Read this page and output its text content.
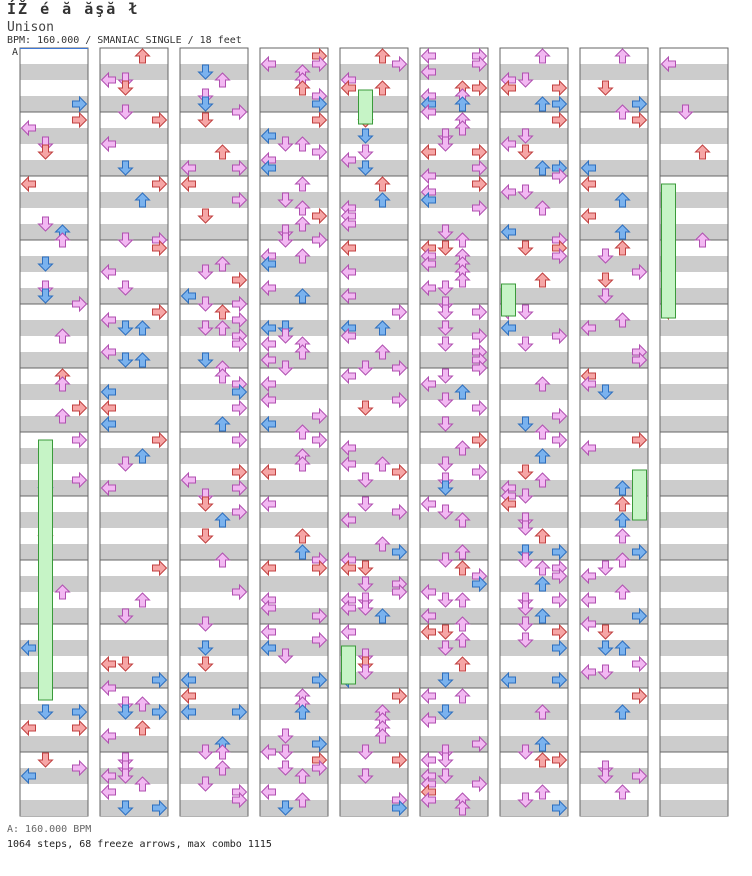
ÍŽ é ă ăşă ł
Unison
BPM: 160.000 / SMANIAC SINGLE / 18 feet
A
A: 160.000 BPM
1064 steps, 68 freeze arrows, max combo 1115
